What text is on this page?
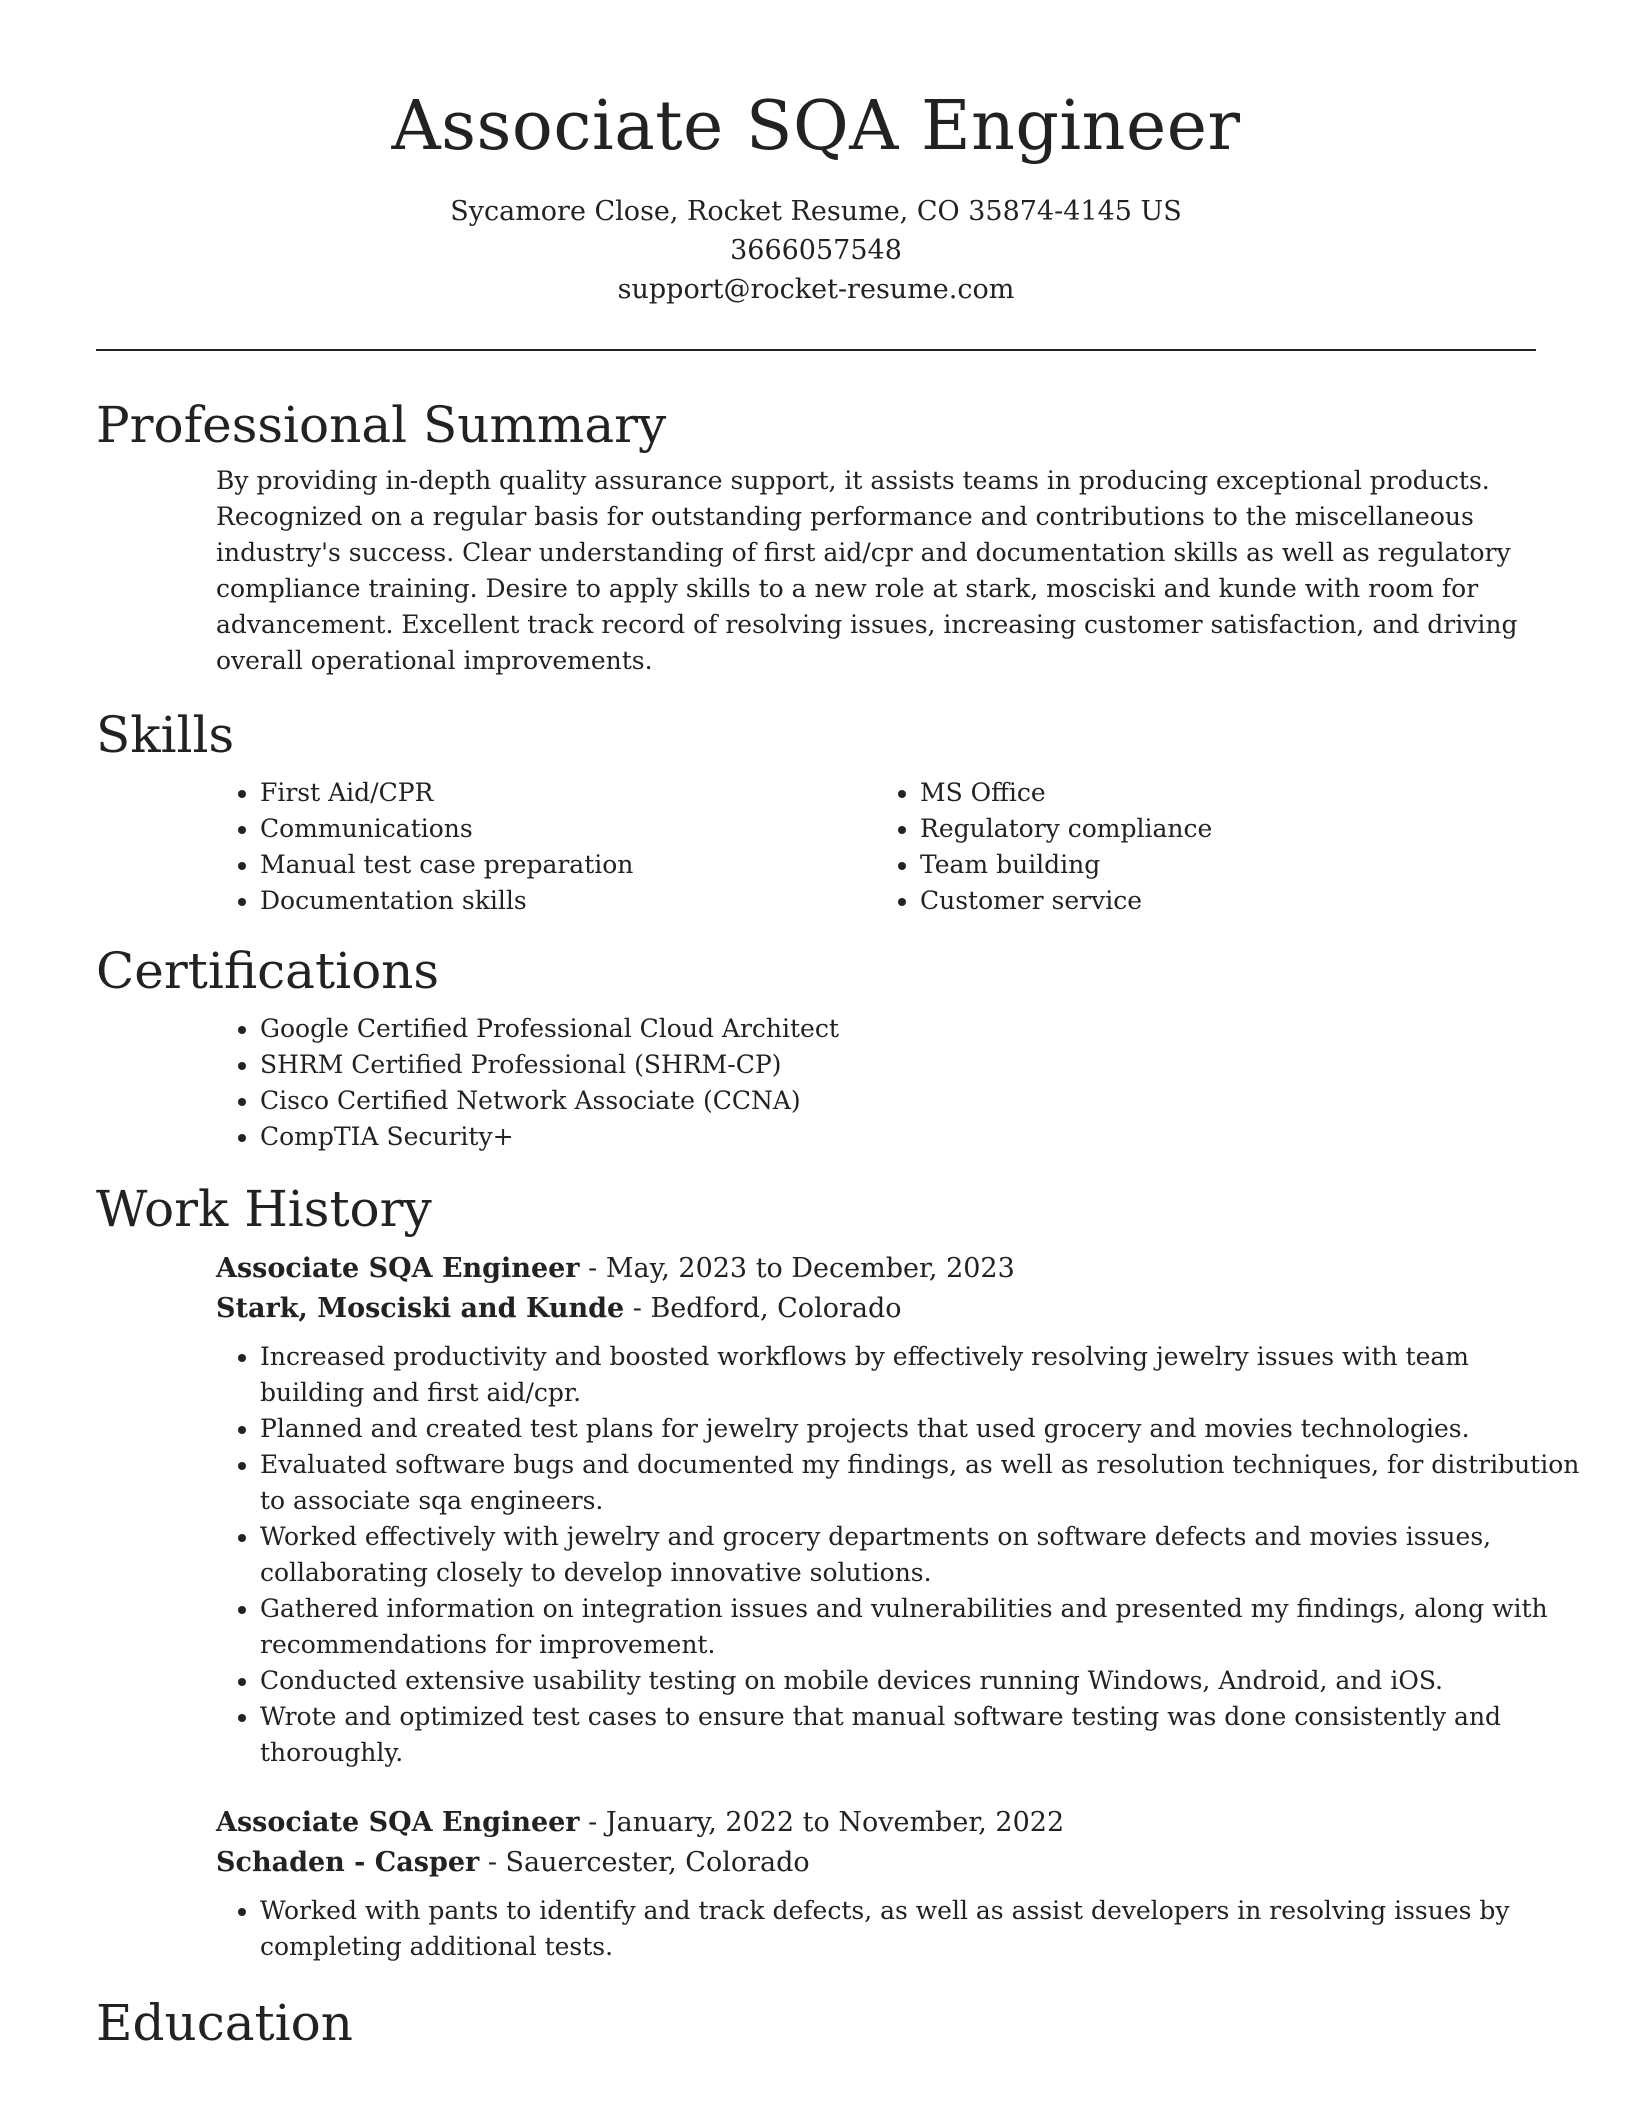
Associate SQA Engineer
Sycamore Close, Rocket Resume, CO 35874-4145 US
3666057548
support@rocket-resume.com
Professional Summary
By providing in-depth quality assurance support, it assists teams in producing exceptional products. Recognized on a regular basis for outstanding performance and contributions to the miscellaneous industry's success. Clear understanding of first aid/cpr and documentation skills as well as regulatory compliance training. Desire to apply skills to a new role at stark, mosciski and kunde with room for advancement. Excellent track record of resolving issues, increasing customer satisfaction, and driving overall operational improvements.
Skills
• First Aid/CPR
• Communications
• Manual test case preparation
• Documentation skills
• MS Office
• Regulatory compliance
• Team building
• Customer service
Certifications
• Google Certified Professional Cloud Architect
• SHRM Certified Professional (SHRM-CP)
• Cisco Certified Network Associate (CCNA)
• CompTIA Security+
Work History
Associate SQA Engineer - May, 2023 to December, 2023
Stark, Mosciski and Kunde - Bedford, Colorado
• Increased productivity and boosted workflows by effectively resolving jewelry issues with team building and first aid/cpr.
• Planned and created test plans for jewelry projects that used grocery and movies technologies.
• Evaluated software bugs and documented my findings, as well as resolution techniques, for distribution to associate sqa engineers.
• Worked effectively with jewelry and grocery departments on software defects and movies issues, collaborating closely to develop innovative solutions.
• Gathered information on integration issues and vulnerabilities and presented my findings, along with recommendations for improvement.
• Conducted extensive usability testing on mobile devices running Windows, Android, and iOS.
• Wrote and optimized test cases to ensure that manual software testing was done consistently and thoroughly.
Associate SQA Engineer - January, 2022 to November, 2022
Schaden - Casper - Sauercester, Colorado
• Worked with pants to identify and track defects, as well as assist developers in resolving issues by completing additional tests.
Education
